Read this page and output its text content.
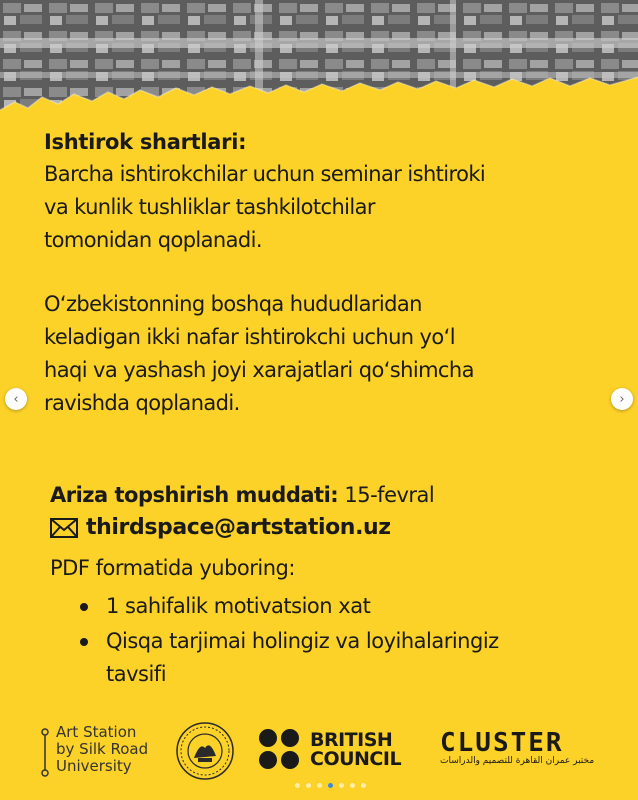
Ishtirok shartlari:

Barcha ishtirokchilar uchun seminar ishtiroki

va kunlik tushliklar tashkilotchilar

tomonidan qoplanadi.

O‘zbekistonning boshqa hududlaridan

keladigan ikki nafar ishtirokchi uchun yo‘l

haqi va yashash joyi xarajatlari qo‘shimcha

ravishda qoplanadi.

Ariza topshirish muddati: 15-fevral
thirdspace@artstation.uz
PDF formatida yuboring:
1 sahifalik motivatsion xat
Qisqa tarjimai holingiz va loyihalaringiz
tavsifi
‹	›
Art Station
by Silk Road
University
BRITISH
COUNCIL
CLUSTER
مختبر عمران القاهرة للتصميم والدراسات
